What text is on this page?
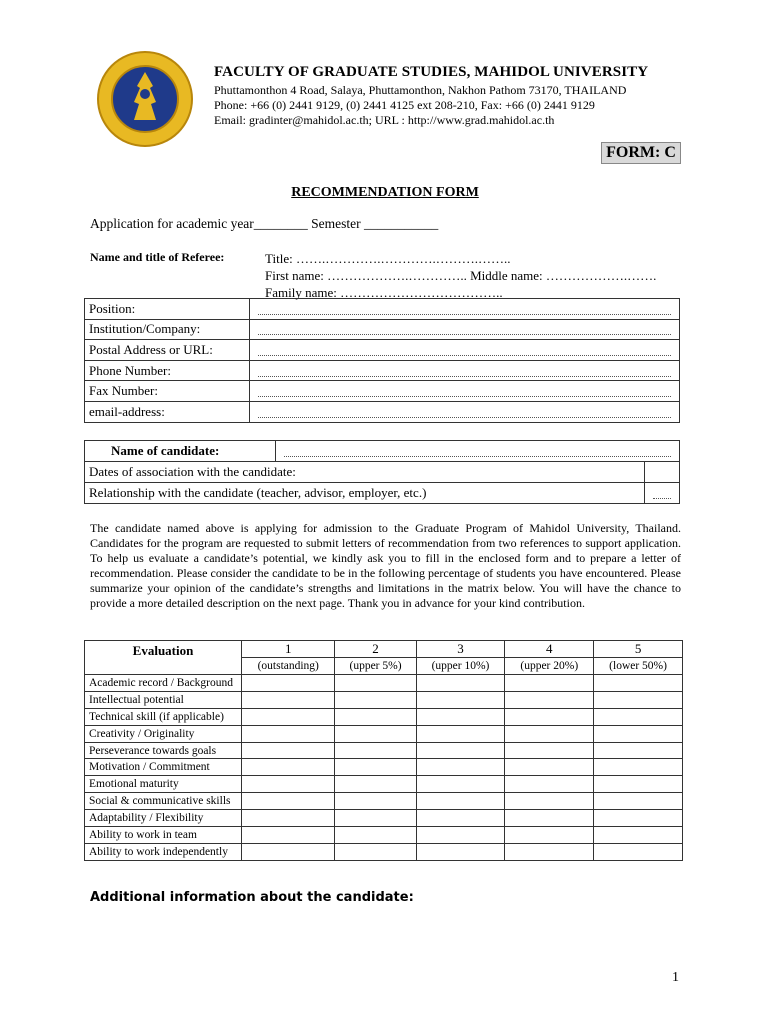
FACULTY OF GRADUATE STUDIES, MAHIDOL UNIVERSITY
Phuttamonthon 4 Road, Salaya, Phuttamonthon, Nakhon Pathom 73170, THAILAND
Phone: +66 (0) 2441 9129, (0) 2441 4125 ext 208-210, Fax: +66 (0) 2441 9129
Email: gradinter@mahidol.ac.th; URL : http://www.grad.mahidol.ac.th
FORM: C
RECOMMENDATION FORM
Application for academic year________ Semester ___________
Name and title of Referee:	Title: …….………….………….……….……..
First name: ……………….………….. Middle name: ……………….…….
Family name: ………………………………..
Position:	

Institution/Company:	

Postal Address or URL:	

Phone Number:	

Fax Number:	

email-address:	
Name of candidate:		

Dates of association with the candidate:		
Relationship with the candidate (teacher, advisor, employer, etc.)		
The candidate named above is applying for admission to the Graduate Program of Mahidol University, Thailand. Candidates for the program are requested to submit letters of recommendation from two references to support application. To help us evaluate a candidate’s potential, we kindly ask you to fill in the enclosed form and to prepare a letter of recommendation. Please consider the candidate to be in the following percentage of students you have encountered. Please summarize your opinion of the candidate’s strengths and limitations in the matrix below. You will have the chance to provide a more detailed description on the next page. Thank you in advance for your kind contribution.
Evaluation	1	2	3	4	5
	(outstanding)	(upper 5%)	(upper 10%)	(upper 20%)	(lower 50%)
Academic record / Background					
Intellectual potential					
Technical skill (if applicable)					
Creativity / Originality					
Perseverance towards goals					
Motivation / Commitment					
Emotional maturity					
Social & communicative skills					
Adaptability / Flexibility					
Ability to work in team					
Ability to work independently					
Additional information about the candidate:
1
